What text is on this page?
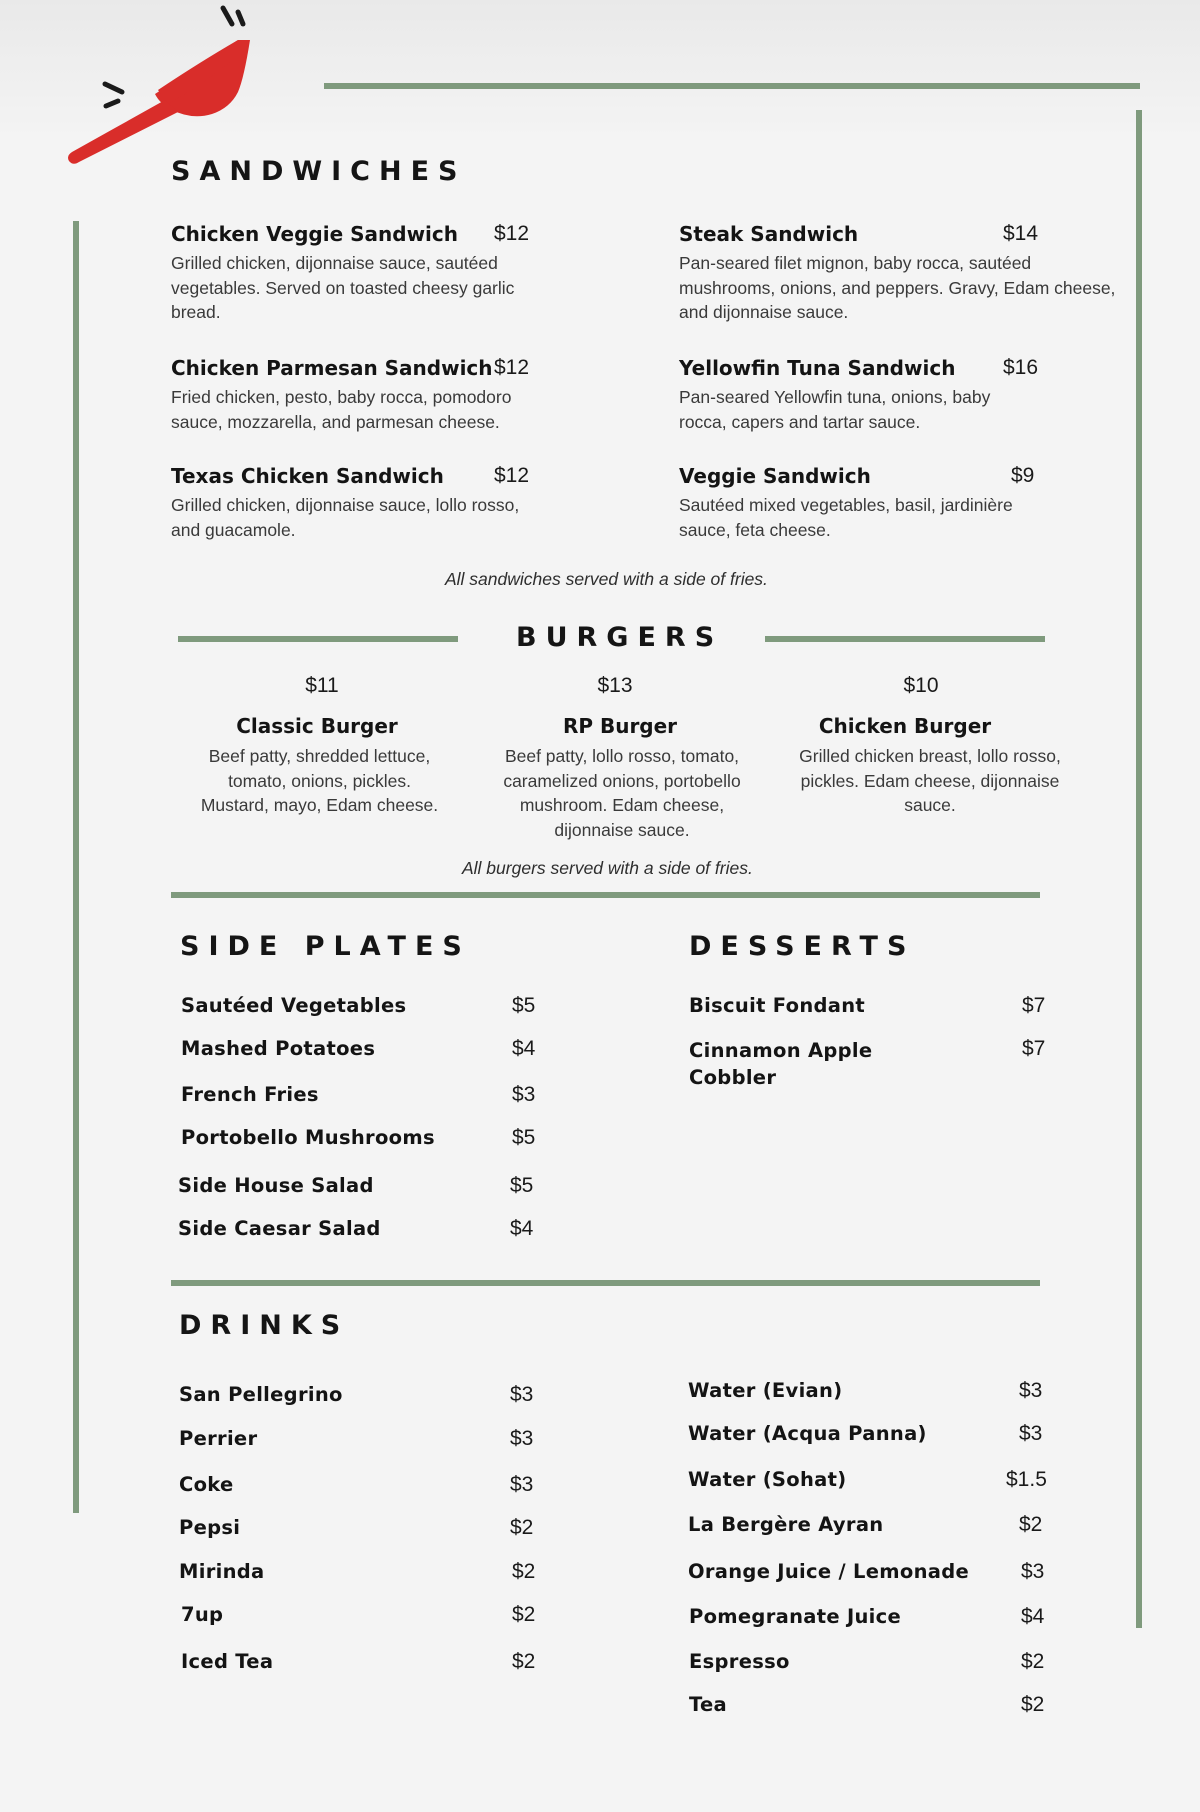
SANDWICHES
Chicken Veggie Sandwich $12
Grilled chicken, dijonnaise sauce, sautéed vegetables. Served on toasted cheesy garlic bread.
Chicken Parmesan Sandwich $12
Fried chicken, pesto, baby rocca, pomodoro sauce, mozzarella, and parmesan cheese.
Texas Chicken Sandwich $12
Grilled chicken, dijonnaise sauce, lollo rosso, and guacamole.
Steak Sandwich	$14
Pan-seared filet mignon, baby rocca, sautéed mushrooms, onions, and peppers. Gravy, Edam cheese, and dijonnaise sauce.
Yellowfin Tuna Sandwich $16
Pan-seared Yellowfin tuna, onions, baby rocca, capers and tartar sauce.
Veggie Sandwich	$9
Sautéed mixed vegetables, basil, jardinière sauce, feta cheese.
All sandwiches served with a side of fries.
BURGERS
$11
Classic Burger
Beef patty, shredded lettuce, tomato, onions, pickles. Mustard, mayo, Edam cheese.
$13
RP Burger
Beef patty, lollo rosso, tomato, caramelized onions, portobello mushroom. Edam cheese, dijonnaise sauce.
$10
Chicken Burger
Grilled chicken breast, lollo rosso, pickles. Edam cheese, dijonnaise sauce.
All burgers served with a side of fries.
SIDE PLATES
Sautéed Vegetables	$5
Mashed Potatoes	$4
French Fries	$3
Portobello Mushrooms	$5
Side House Salad	$5
Side Caesar Salad	$4
DESSERTS
Biscuit Fondant	$7
Cinnamon Apple Cobbler
$7
DRINKS
San Pellegrino	$3
Perrier	$3
Coke	$3
Pepsi	$2
Mirinda	$2
7up	$2
Iced Tea	$2
Water (Evian)	$3
Water (Acqua Panna)	$3
Water (Sohat)	$1.5
La Bergère Ayran	$2
Orange Juice / Lemonade $3
Pomegranate Juice	$4
Espresso	$2
Tea	$2
